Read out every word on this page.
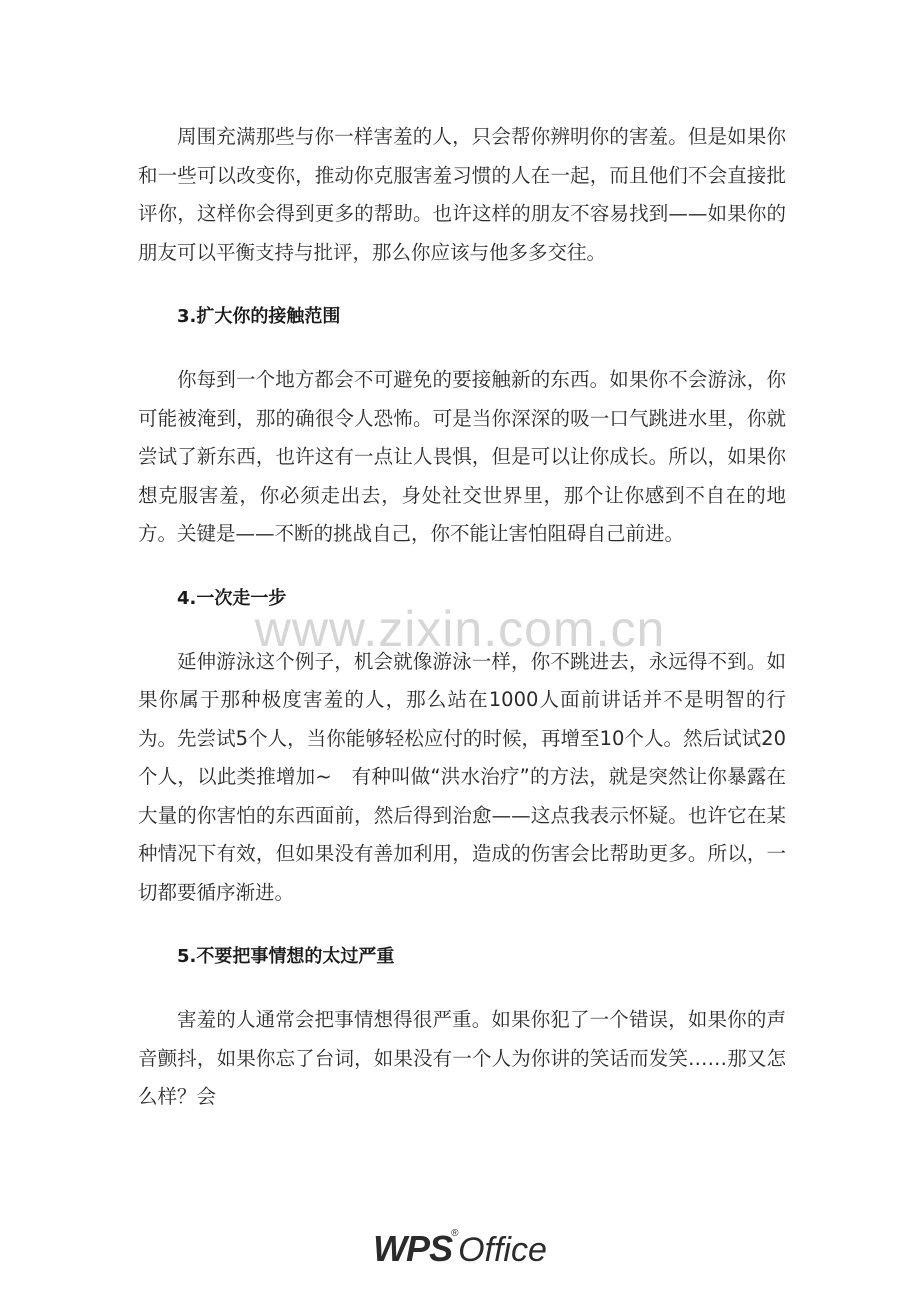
周围充满那些与你一样害羞的人，只会帮你辨明你的害羞。但是如果你和一些可以改变你，推动你克服害羞习惯的人在一起，而且他们不会直接批评你，这样你会得到更多的帮助。也许这样的朋友不容易找到——如果你的朋友可以平衡支持与批评，那么你应该与他多多交往。

3.扩大你的接触范围

你每到一个地方都会不可避免的要接触新的东西。如果你不会游泳，你可能被淹到，那的确很令人恐怖。可是当你深深的吸一口气跳进水里，你就尝试了新东西，也许这有一点让人畏惧，但是可以让你成长。所以，如果你想克服害羞，你必须走出去，身处社交世界里，那个让你感到不自在的地方。关键是——不断的挑战自己，你不能让害怕阻碍自己前进。

4.一次走一步

延伸游泳这个例子，机会就像游泳一样，你不跳进去，永远得不到。如果你属于那种极度害羞的人，那么站在1000人面前讲话并不是明智的行为。先尝试5个人，当你能够轻松应付的时候，再增至10个人。然后试试20个人，以此类推增加~　有种叫做“洪水治疗”的方法，就是突然让你暴露在大量的你害怕的东西面前，然后得到治愈——这点我表示怀疑。也许它在某种情况下有效，但如果没有善加利用，造成的伤害会比帮助更多。所以，一切都要循序渐进。

5.不要把事情想的太过严重

害羞的人通常会把事情想得很严重。如果你犯了一个错误，如果你的声音颤抖，如果你忘了台词，如果没有一个人为你讲的笑话而发笑……那又怎么样？会

www.zixin.com.cn
WPS
® Office
